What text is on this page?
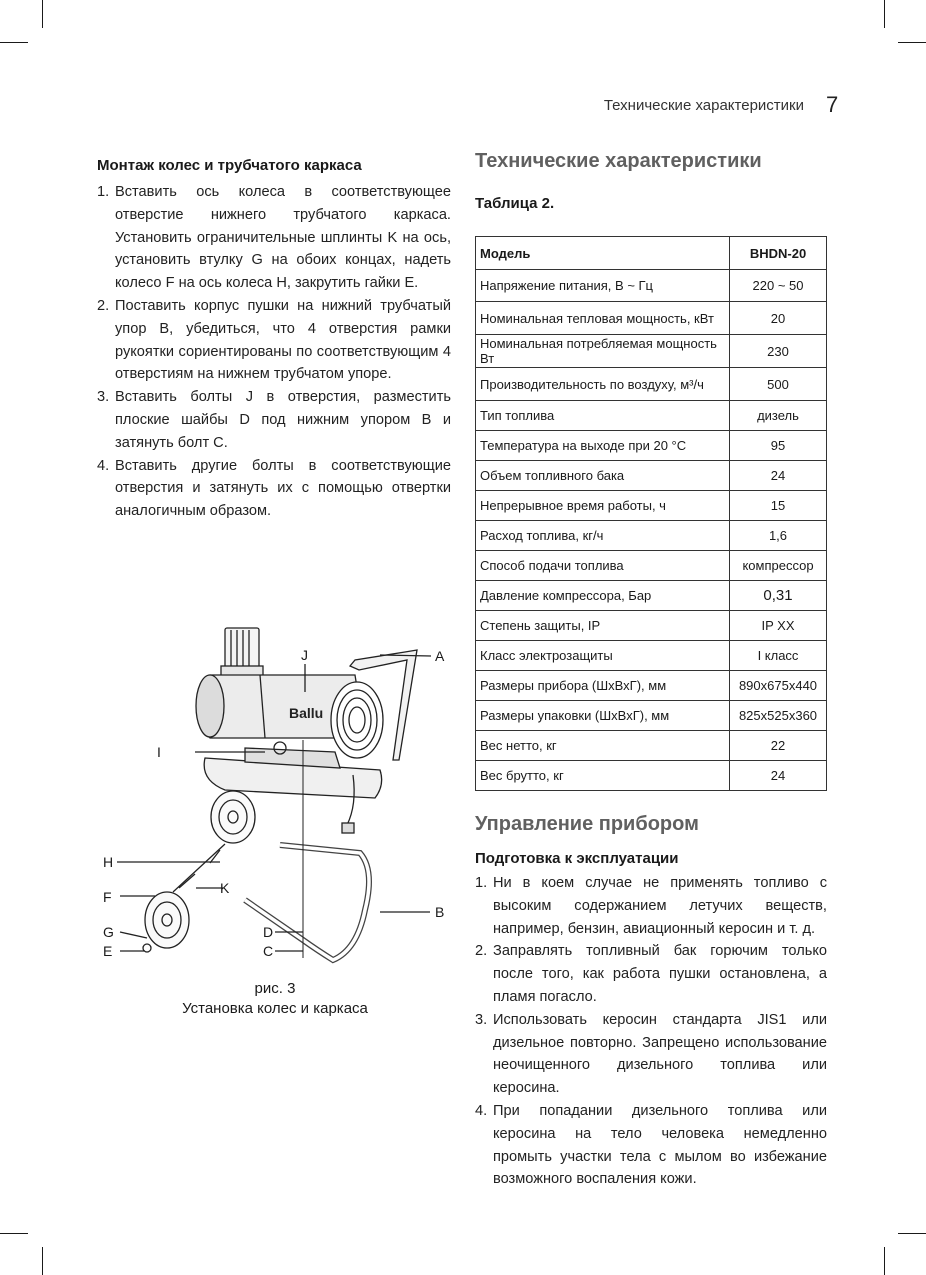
Технические характеристики 7
Монтаж колес и трубчатого каркаса
1. Вставить ось колеса в соответствующее отверстие нижнего трубчатого каркаса. Установить ограничительные шплинты K на ось, установить втулку G на обоих концах, надеть колесо F на ось колеса H, закрутить гайки E.
2. Поставить корпус пушки на нижний трубчатый упор B, убедиться, что 4 отверстия рамки рукоятки сориентированы по соответствующим 4 отверстиям на нижнем трубчатом упоре.
3. Вставить болты J в отверстия, разместить плоские шайбы D под нижним упором B и затянуть болт C.
4. Вставить другие болты в соответствующие отверстия и затянуть их с помощью отвертки аналогичным образом.
Ballu
J	A
I
H
K
F
G
E
D
C
B
рис. 3
Установка колес и каркаса
Технические характеристики
Таблица 2.
Модель	BHDN-20
Напряжение питания, В ~ Гц	220 ~ 50
Номинальная тепловая мощность, кВт	20
Номинальная потребляемая мощность Вт	230
Производительность по воздуху, м³/ч	500
Тип топлива	дизель
Температура на выходе при 20 °С	95
Объем топливного бака	24
Непрерывное время работы, ч	15
Расход топлива, кг/ч	1,6
Способ подачи топлива	компрессор
Давление компрессора, Бар	0,31
Степень защиты, IP	IP XX
Класс электрозащиты	I класс
Размеры прибора (ШхВхГ), мм	890x675x440
Размеры упаковки (ШхВхГ), мм	825x525x360
Вес нетто, кг	22
Вес брутто, кг	24
Управление прибором
Подготовка к эксплуатации
1. Ни в коем случае не применять топливо с высоким содержанием летучих веществ, например, бензин, авиационный керосин и т. д.
2. Заправлять топливный бак горючим только после того, как работа пушки остановлена, а пламя погасло.
3. Использовать керосин стандарта JIS1 или дизельное повторно. Запрещено использование неочищенного дизельного топлива или керосина.
4. При попадании дизельного топлива или керосина на тело человека немедленно промыть участки тела с мылом во избежание возможного воспаления кожи.
